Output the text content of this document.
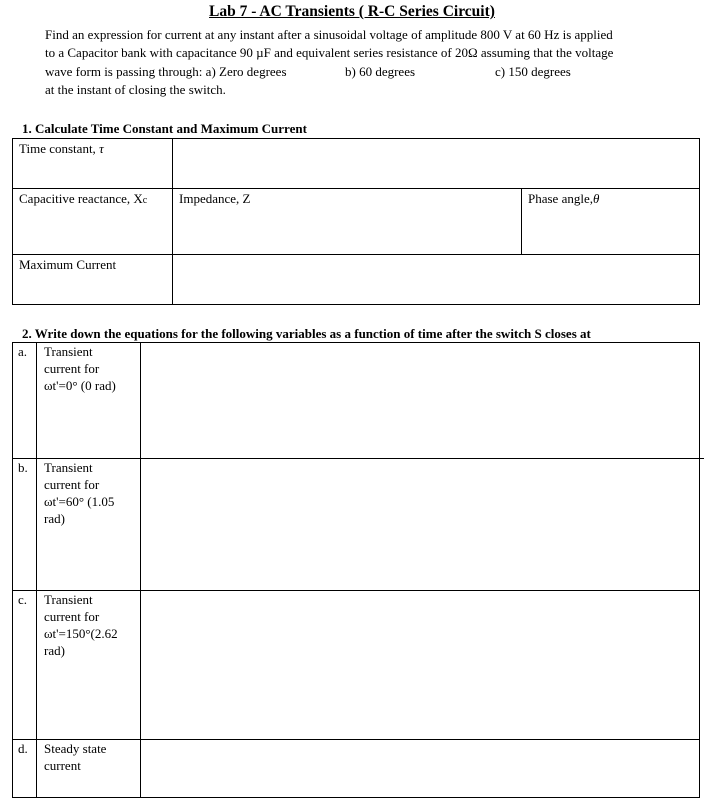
Lab 7 - AC Transients ( R-C Series Circuit)
Find an expression for current at any instant after a sinusoidal voltage of amplitude 800 V at 60 Hz is applied
to a Capacitor bank with capacitance 90 µF and equivalent series resistance of 20Ω assuming that the voltage
wave form is passing through: a) Zero degrees	b) 60 degrees	c) 150 degrees
at the instant of closing the switch.
1. Calculate Time Constant and Maximum Current
Time constant, τ
Capacitive reactance, Xc	Impedance, Z	Phase angle,θ
Maximum Current
2. Write down the equations for the following variables as a function of time after the switch S closes at
a. Transient
current for
ωt'=0° (0 rad)
b. Transient
current for
ωt'=60° (1.05
rad)
c. Transient
current for
ωt'=150°(2.62
rad)
d. Steady state
current
